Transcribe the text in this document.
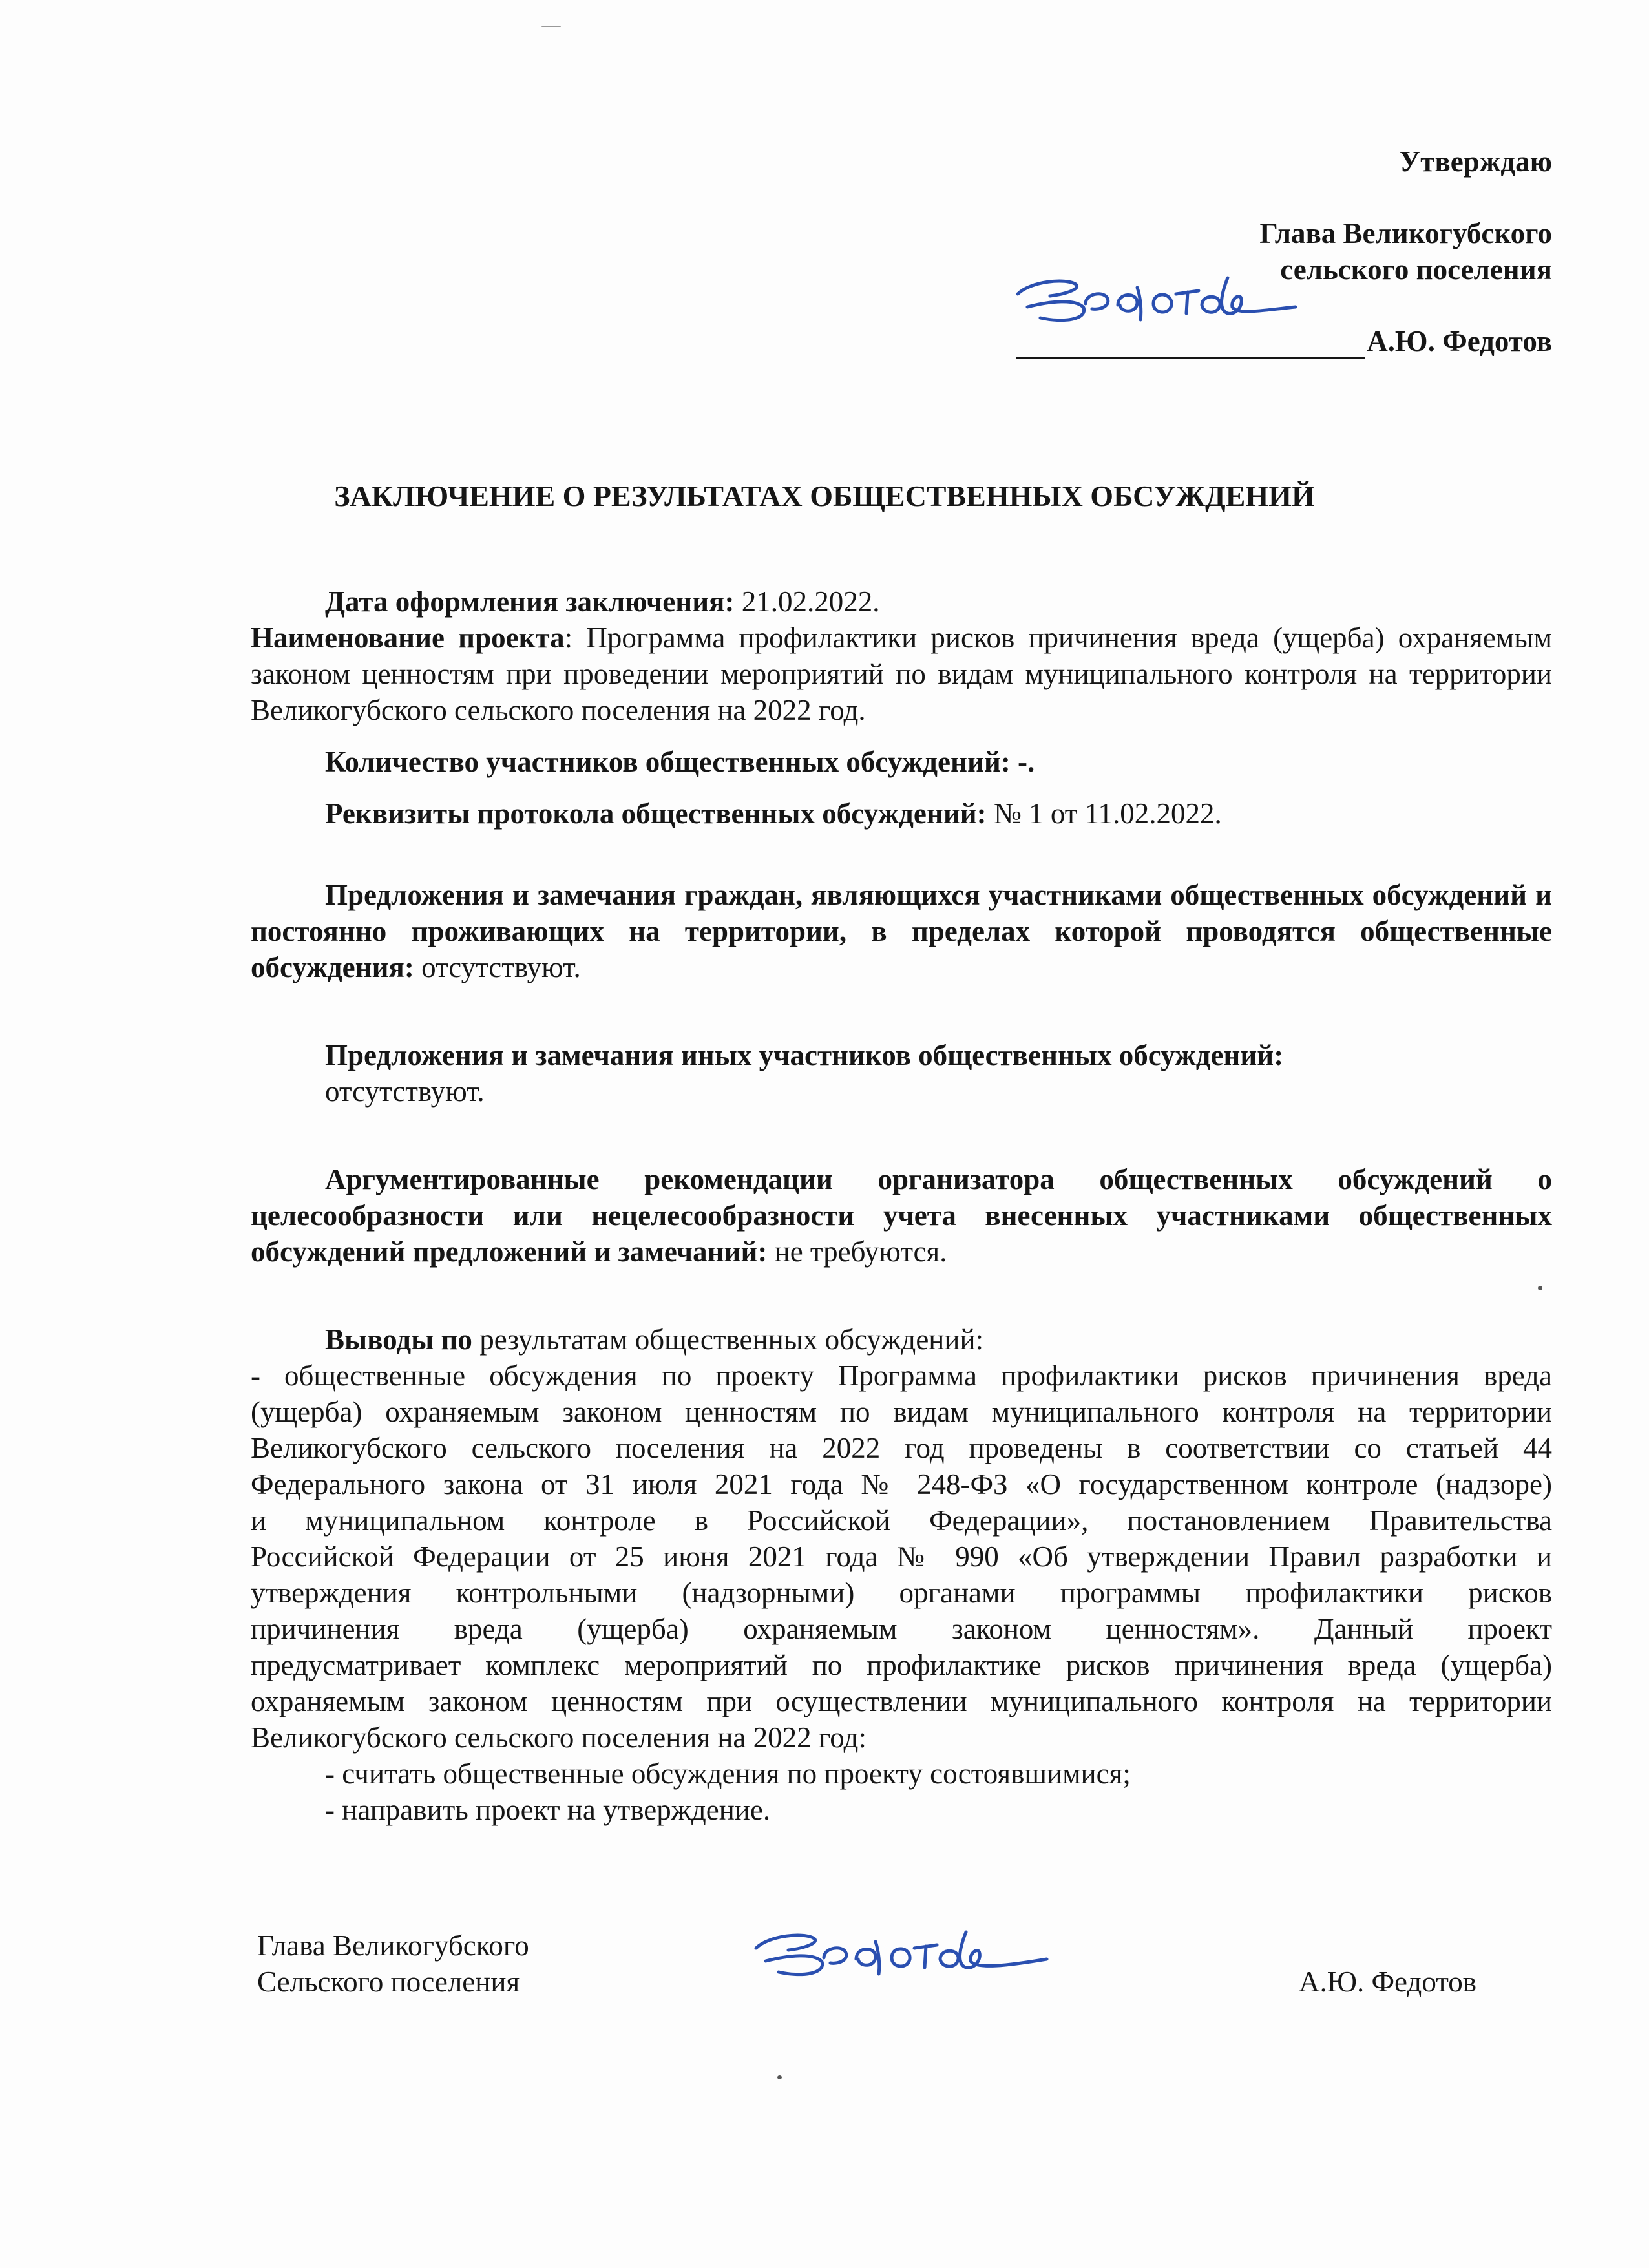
Утверждаю
Глава Великогубского
сельского поселения
А.Ю. Федотов
ЗАКЛЮЧЕНИЕ О РЕЗУЛЬТАТАХ ОБЩЕСТВЕННЫХ ОБСУЖДЕНИЙ
Дата оформления заключения: 21.02.2022.
Наименование проекта: Программа профилактики рисков причинения вреда (ущерба) охраняемым законом ценностям при проведении мероприятий по видам муниципального контроля на территории Великогубского сельского поселения на 2022 год.
Количество участников общественных обсуждений: -.
Реквизиты протокола общественных обсуждений: № 1 от 11.02.2022.
Предложения и замечания граждан, являющихся участниками общественных обсуждений и постоянно проживающих на территории, в пределах которой проводятся общественные обсуждения: отсутствуют.
Предложения и замечания иных участников общественных обсуждений:
отсутствуют.
Аргументированные рекомендации организатора общественных обсуждений о целесообразности или нецелесообразности учета внесенных участниками общественных обсуждений предложений и замечаний: не требуются.
Выводы по результатам общественных обсуждений:
- общественные обсуждения по проекту Программа профилактики рисков причинения вреда
(ущерба) охраняемым законом ценностям по видам муниципального контроля на территории
Великогубского сельского поселения на 2022 год проведены в соответствии со статьей 44
Федерального закона от 31 июля 2021 года № 248-ФЗ «О государственном контроле (надзоре)
и муниципальном контроле в Российской Федерации», постановлением Правительства
Российской Федерации от 25 июня 2021 года № 990 «Об утверждении Правил разработки и
утверждения контрольными (надзорными) органами программы профилактики рисков
причинения вреда (ущерба) охраняемым законом ценностям». Данный проект
предусматривает комплекс мероприятий по профилактике рисков причинения вреда (ущерба)
охраняемым законом ценностям при осуществлении муниципального контроля на территории
Великогубского сельского поселения на 2022 год:
- считать общественные обсуждения по проекту состоявшимися;
- направить проект на утверждение.
Глава Великогубского
Сельского поселения	А.Ю. Федотов
